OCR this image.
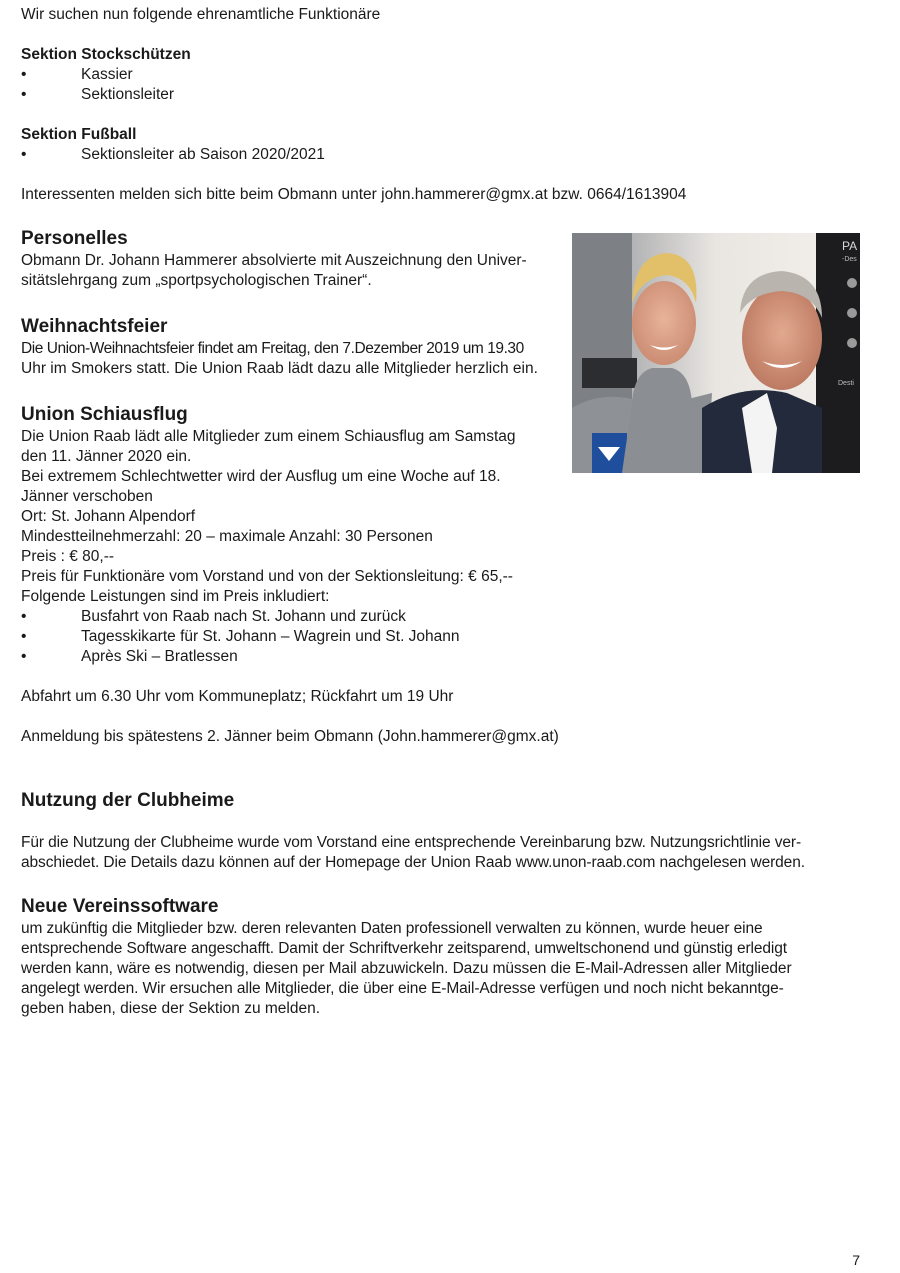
Wir suchen nun folgende ehrenamtliche Funktionäre

Sektion Stockschützen

•	Kassier
•	Sektionsleiter

Sektion Fußball

•	Sektionsleiter ab Saison 2020/2021

Interessenten melden sich bitte beim Obmann unter john.hammerer@gmx.at bzw. 0664/1613904

Personelles

Obmann Dr. Johann Hammerer absolvierte mit Auszeichnung den Univer-

sitätslehrgang zum „sportpsychologischen Trainer“.

Weihnachtsfeier

Die Union-Weihnachtsfeier findet am Freitag, den 7.Dezember 2019 um 19.30

Uhr im Smokers statt. Die Union Raab lädt dazu alle Mitglieder herzlich ein.

Union Schiausflug

Die Union Raab lädt alle Mitglieder zum einem Schiausflug am Samstag

den 11. Jänner 2020 ein.

Bei extremem Schlechtwetter wird der Ausflug um eine Woche auf 18.

Jänner verschoben

Ort: St. Johann Alpendorf

Mindestteilnehmerzahl: 20 – maximale Anzahl: 30 Personen

Preis : € 80,--

Preis für Funktionäre vom Vorstand und von der Sektionsleitung: € 65,--

Folgende Leistungen sind im Preis inkludiert:

•	Busfahrt von Raab nach St. Johann und zurück
•	Tagesskikarte für St. Johann – Wagrein und St. Johann
•	Après Ski – Bratlessen

Abfahrt um 6.30 Uhr vom Kommuneplatz; Rückfahrt um 19 Uhr

Anmeldung bis spätestens 2. Jänner beim Obmann (John.hammerer@gmx.at)

Nutzung der Clubheime

Für die Nutzung der Clubheime wurde vom Vorstand eine entsprechende Vereinbarung bzw. Nutzungsrichtlinie ver-

abschiedet. Die Details dazu können auf der Homepage der Union Raab www.unon-raab.com nachgelesen werden.

Neue Vereinssoftware

um zukünftig die Mitglieder bzw. deren relevanten Daten professionell verwalten zu können, wurde heuer eine

entsprechende Software angeschafft. Damit der Schriftverkehr zeitsparend, umweltschonend und günstig erledigt

werden kann, wäre es notwendig, diesen per Mail abzuwickeln. Dazu müssen die E-Mail-Adressen aller Mitglieder

angelegt werden. Wir ersuchen alle Mitglieder, die über eine E-Mail-Adresse verfügen und noch nicht bekanntge-

geben haben, diese der Sektion zu melden.

PA
-Des
Desti
7
